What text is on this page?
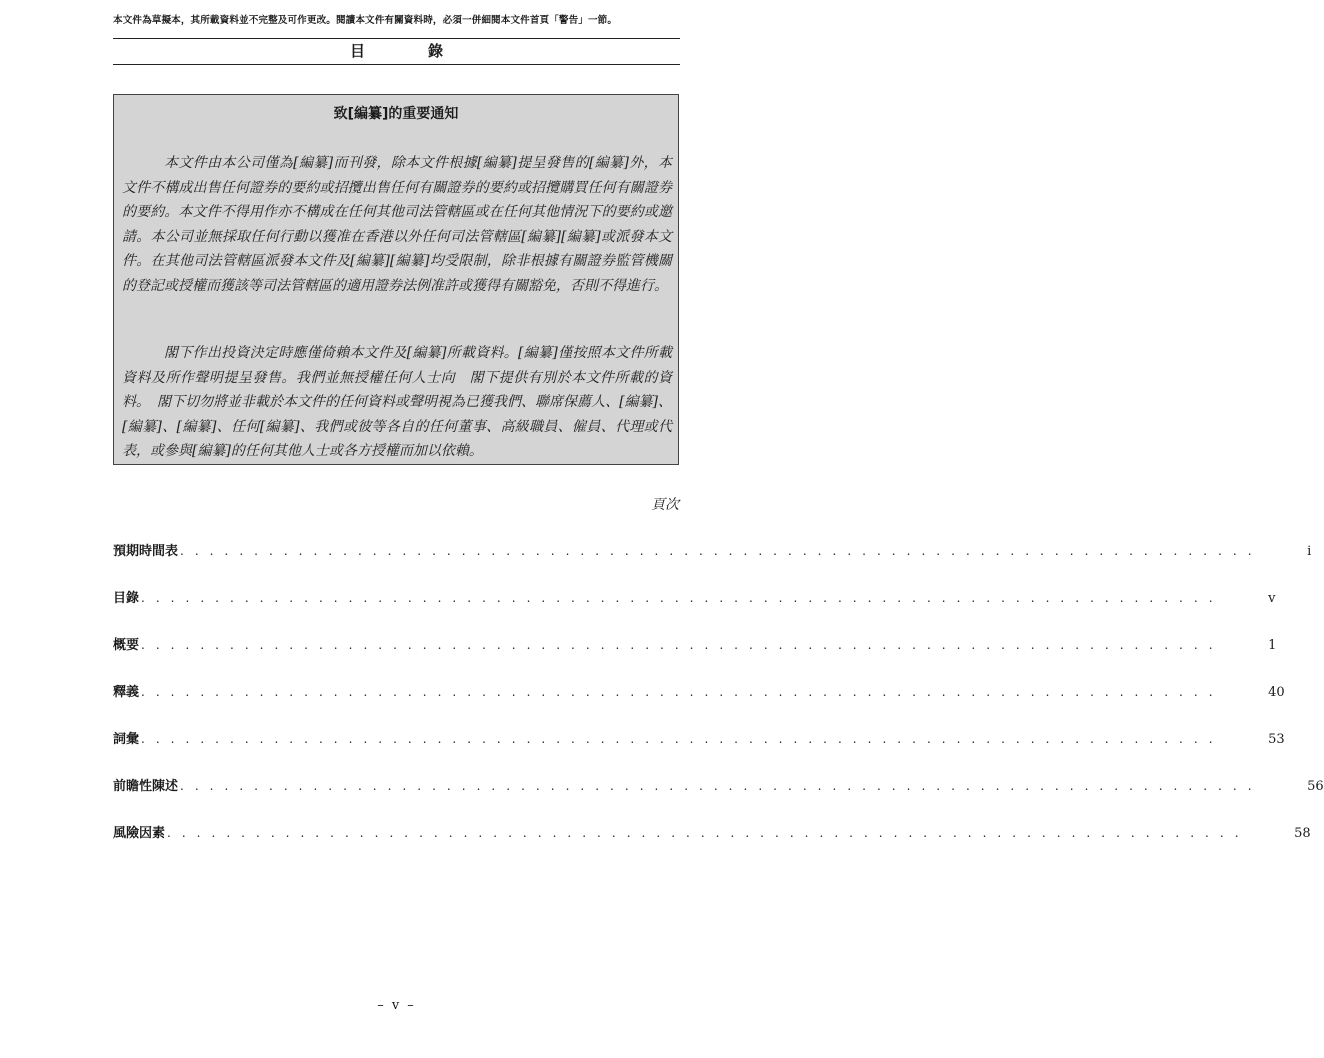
本文件為草擬本，其所載資料並不完整及可作更改。閱讀本文件有關資料時，必須一併細閱本文件首頁「警告」一節。
目　錄
致[編纂]的重要通知

本文件由本公司僅為[編纂]而刊發，除本文件根據[編纂]提呈發售的[編纂]外，本文件不構成出售任何證券的要約或招攬出售任何有關證券的要約或招攬購買任何有關證券的要約。本文件不得用作亦不構成在任何其他司法管轄區或在任何其他情況下的要約或邀請。本公司並無採取任何行動以獲准在香港以外任何司法管轄區[編纂][編纂]或派發本文件。在其他司法管轄區派發本文件及[編纂][編纂]均受限制，除非根據有關證券監管機關的登記或授權而獲該等司法管轄區的適用證券法例准許或獲得有關豁免，否則不得進行。

閣下作出投資決定時應僅倚賴本文件及[編纂]所載資料。[編纂]僅按照本文件所載資料及所作聲明提呈發售。我們並無授權任何人士向　閣下提供有別於本文件所載的資料。　閣下切勿將並非載於本文件的任何資料或聲明視為已獲我們、聯席保薦人、[編纂]、[編纂]、[編纂]、任何[編纂]、我們或彼等各自的任何董事、高級職員、僱員、代理或代表，或參與[編纂]的任何其他人士或各方授權而加以依賴。

頁次
預期時間表 . . . . . . . . . . . . . . . . . . . . . . . . . . . . . . . . . . . . . . . . . . . . . . . . . . . . . . . . . . . . . . . . . . . . . . . . .	i
目錄 . . . . . . . . . . . . . . . . . . . . . . . . . . . . . . . . . . . . . . . . . . . . . . . . . . . . . . . . . . . . . . . . . . . . . . . . .	v
概要 . . . . . . . . . . . . . . . . . . . . . . . . . . . . . . . . . . . . . . . . . . . . . . . . . . . . . . . . . . . . . . . . . . . . . . . . .	1
釋義 . . . . . . . . . . . . . . . . . . . . . . . . . . . . . . . . . . . . . . . . . . . . . . . . . . . . . . . . . . . . . . . . . . . . . . . . .	40
詞彙 . . . . . . . . . . . . . . . . . . . . . . . . . . . . . . . . . . . . . . . . . . . . . . . . . . . . . . . . . . . . . . . . . . . . . . . . .	53
前瞻性陳述 . . . . . . . . . . . . . . . . . . . . . . . . . . . . . . . . . . . . . . . . . . . . . . . . . . . . . . . . . . . . . . . . . . . . . . . . .	56
風險因素 . . . . . . . . . . . . . . . . . . . . . . . . . . . . . . . . . . . . . . . . . . . . . . . . . . . . . . . . . . . . . . . . . . . . . . . . .	58
– v –
